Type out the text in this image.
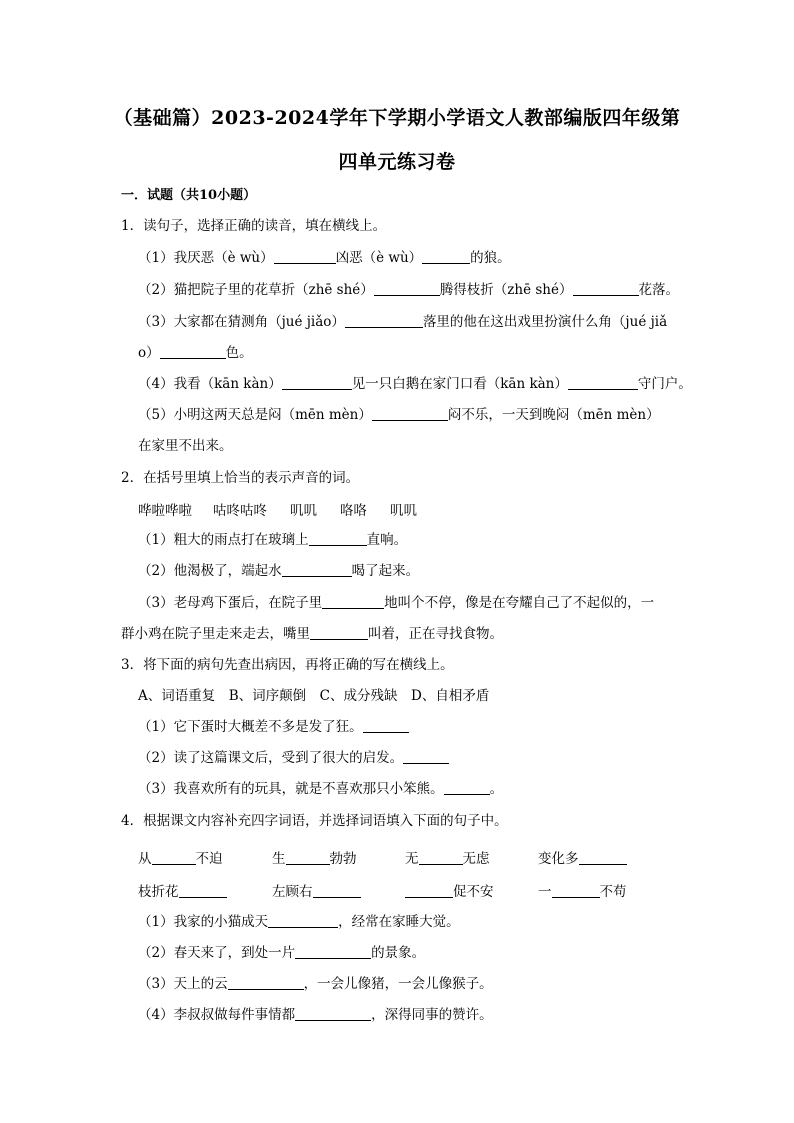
（基础篇）2023-2024学年下学期小学语文人教部编版四年级第
四单元练习卷
一．试题（共10小题）
1．读句子，选择正确的读音，填在横线上。
（1）我厌恶（è wù）	凶恶（è wù）	的狼。
（2）猫把院子里的花草折（zhē shé）	腾得枝折（zhē shé）	花落。
（3）大家都在猜测角（jué jiǎo）	落里的他在这出戏里扮演什么角（jué jiǎ
o）	色。
（4）我看（kān kàn）	见一只白鹅在家门口看（kān kàn）	守门户。
（5）小明这两天总是闷（mēn mèn）	闷不乐，一天到晚闷（mēn mèn）
在家里不出来。
2．在括号里填上恰当的表示声音的词。
哗啦哗啦 咕咚咕咚 叽叽 咯咯 叽叽
（1）粗大的雨点打在玻璃上	直响。
（2）他渴极了，端起水	喝了起来。
（3）老母鸡下蛋后，在院子里	地叫个不停，像是在夸耀自己了不起似的，一
群小鸡在院子里走来走去，嘴里	叫着，正在寻找食物。
3．将下面的病句先查出病因，再将正确的写在横线上。
A、词语重复　B、词序颠倒　C、成分残缺　D、自相矛盾
（1）它下蛋时大概差不多是发了狂。
（2）读了这篇课文后，受到了很大的启发。
（3）我喜欢所有的玩具，就是不喜欢那只小笨熊。	。
4．根据课文内容补充四字词语，并选择词语填入下面的句子中。
从	不迫	生	勃勃	无	无虑	变化多
枝折花	左顾右	促不安	一	不苟
（1）我家的小猫成天	，经常在家睡大觉。
（2）春天来了，到处一片	的景象。
（3）天上的云	，一会儿像猪，一会儿像猴子。
（4）李叔叔做每件事情都	，深得同事的赞许。
